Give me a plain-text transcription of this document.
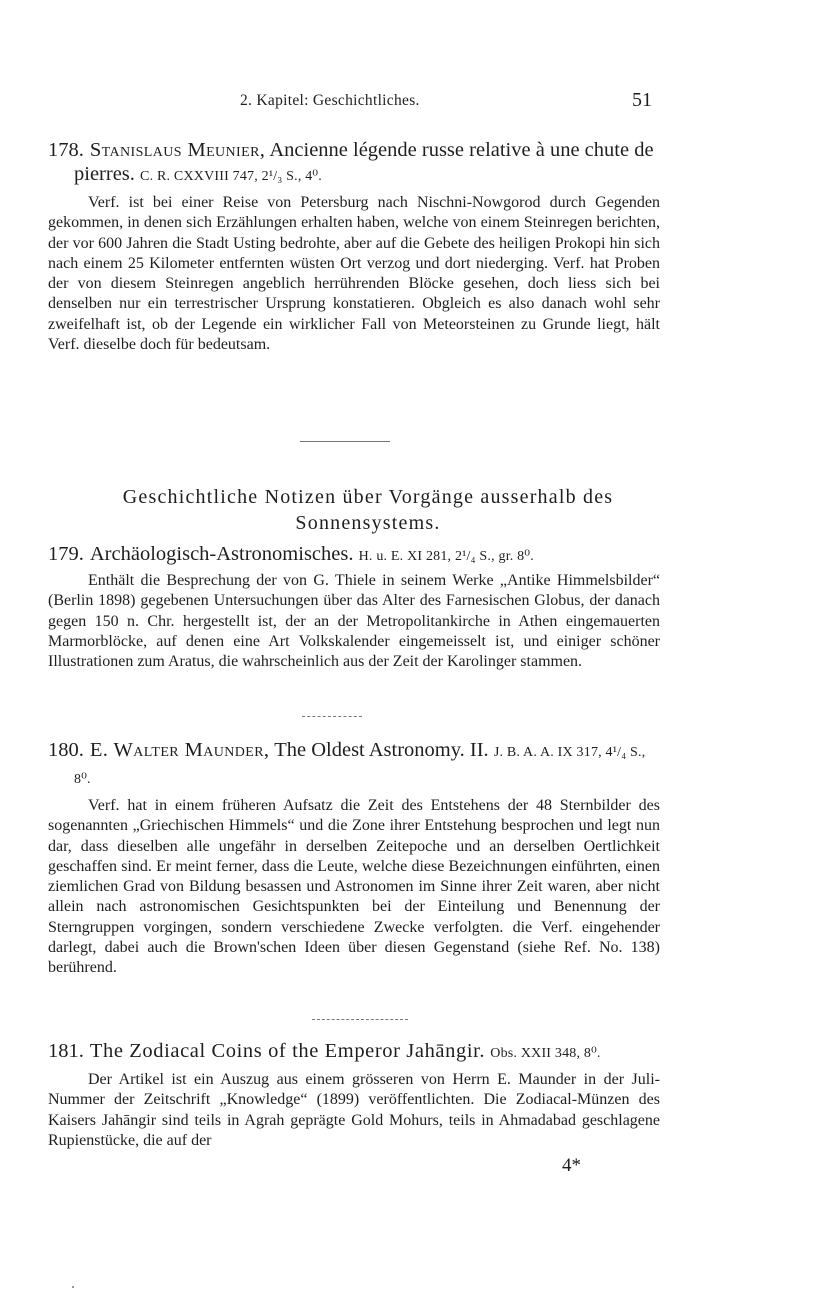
2. Kapitel: Geschichtliches.	51

178. Stanislaus Meunier, Ancienne légende russe relative à une chute de pierres. C. R. CXXVIII 747, 2¹/₃ S., 4⁰.

Verf. ist bei einer Reise von Petersburg nach Nischni-Nowgorod durch Gegenden gekommen, in denen sich Erzählungen erhalten haben, welche von einem Steinregen berichten, der vor 600 Jahren die Stadt Usting bedrohte, aber auf die Gebete des heiligen Prokopi hin sich nach einem 25 Kilometer entfernten wüsten Ort verzog und dort niederging. Verf. hat Proben der von diesem Steinregen angeblich herrührenden Blöcke gesehen, doch liess sich bei denselben nur ein terrestrischer Ursprung konstatieren. Obgleich es also danach wohl sehr zweifelhaft ist, ob der Legende ein wirklicher Fall von Meteorsteinen zu Grunde liegt, hält Verf. dieselbe doch für bedeutsam.

Geschichtliche Notizen über Vorgänge ausserhalb des Sonnensystems.

179. Archäologisch-Astronomisches. H. u. E. XI 281, 2¹/₄ S., gr. 8⁰.

Enthält die Besprechung der von G. Thiele in seinem Werke „Antike Himmelsbilder“ (Berlin 1898) gegebenen Untersuchungen über das Alter des Farnesischen Globus, der danach gegen 150 n. Chr. hergestellt ist, der an der Metropolitankirche in Athen eingemauerten Marmorblöcke, auf denen eine Art Volkskalender eingemeisselt ist, und einiger schöner Illustrationen zum Aratus, die wahrscheinlich aus der Zeit der Karolinger stammen.

180. E. Walter Maunder, The Oldest Astronomy. II. J. B. A. A. IX 317, 4¹/₄ S., 8⁰.

Verf. hat in einem früheren Aufsatz die Zeit des Entstehens der 48 Sternbilder des sogenannten „Griechischen Himmels“ und die Zone ihrer Entstehung besprochen und legt nun dar, dass dieselben alle ungefähr in derselben Zeitepoche und an derselben Oertlichkeit geschaffen sind. Er meint ferner, dass die Leute, welche diese Bezeichnungen einführten, einen ziemlichen Grad von Bildung besassen und Astronomen im Sinne ihrer Zeit waren, aber nicht allein nach astronomischen Gesichtspunkten bei der Einteilung und Benennung der Sterngruppen vorgingen, sondern verschiedene Zwecke verfolgten. die Verf. eingehender darlegt, dabei auch die Brown'schen Ideen über diesen Gegenstand (siehe Ref. No. 138) berührend.

181. The Zodiacal Coins of the Emperor Jahāngir. Obs. XXII 348, 8⁰.

Der Artikel ist ein Auszug aus einem grösseren von Herrn E. Maunder in der Juli-Nummer der Zeitschrift „Knowledge“ (1899) veröffentlichten. Die Zodiacal-Münzen des Kaisers Jahāngir sind teils in Agrah geprägte Gold Mohurs, teils in Ahmadabad geschlagene Rupienstücke, die auf der

4*
